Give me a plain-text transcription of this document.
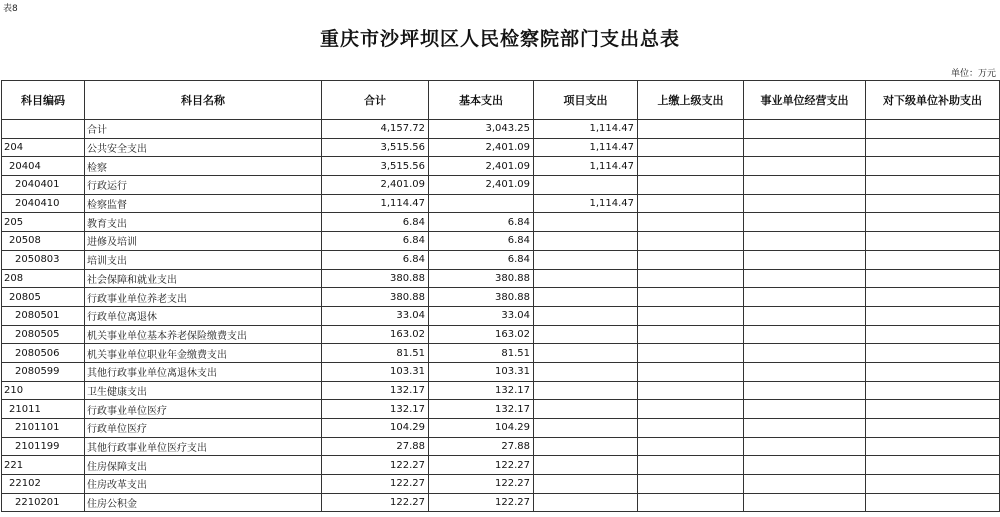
表8
重庆市沙坪坝区人民检察院部门支出总表
单位：万元
科目编码	科目名称	合计	基本支出	项目支出	上缴上级支出	事业单位经营支出	对下级单位补助支出
	合计	4,157.72	3,043.25	1,114.47			
204	公共安全支出	3,515.56	2,401.09	1,114.47			
20404	检察	3,515.56	2,401.09	1,114.47			
2040401	行政运行	2,401.09	2,401.09				
2040410	检察监督	1,114.47		1,114.47			
205	教育支出	6.84	6.84				
20508	进修及培训	6.84	6.84				
2050803	培训支出	6.84	6.84				
208	社会保障和就业支出	380.88	380.88				
20805	行政事业单位养老支出	380.88	380.88				
2080501	行政单位离退休	33.04	33.04				
2080505	机关事业单位基本养老保险缴费支出	163.02	163.02				
2080506	机关事业单位职业年金缴费支出	81.51	81.51				
2080599	其他行政事业单位离退休支出	103.31	103.31				
210	卫生健康支出	132.17	132.17				
21011	行政事业单位医疗	132.17	132.17				
2101101	行政单位医疗	104.29	104.29				
2101199	其他行政事业单位医疗支出	27.88	27.88				
221	住房保障支出	122.27	122.27				
22102	住房改革支出	122.27	122.27				
2210201	住房公积金	122.27	122.27				
